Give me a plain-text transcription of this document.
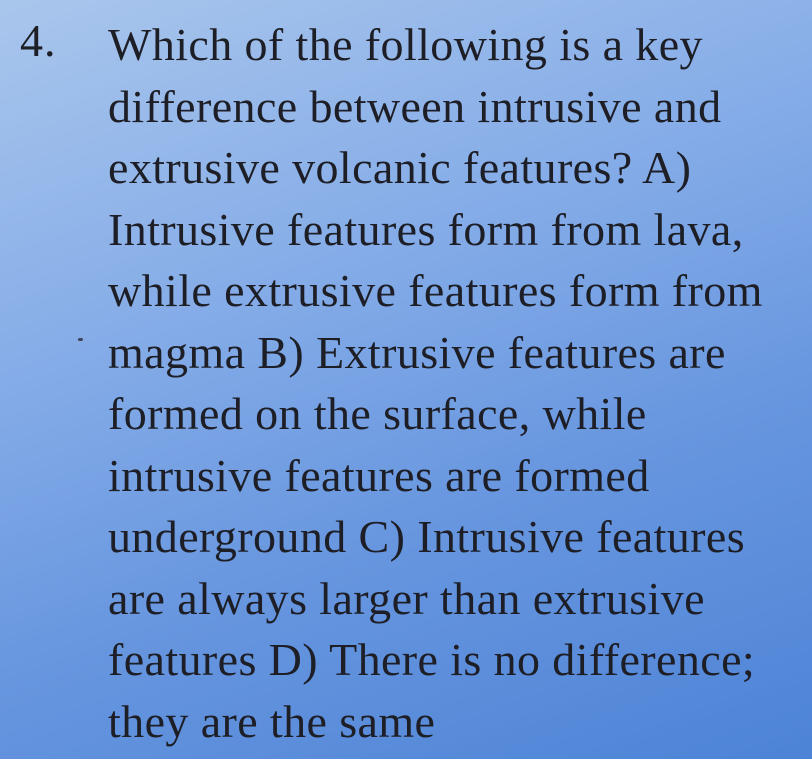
4. Which of the following is a key
difference between intrusive and
extrusive volcanic features? A)
Intrusive features form from lava,
while extrusive features form from
magma B) Extrusive features are
formed on the surface, while
intrusive features are formed
underground C) Intrusive features
are always larger than extrusive
features D) There is no difference;
they are the same
